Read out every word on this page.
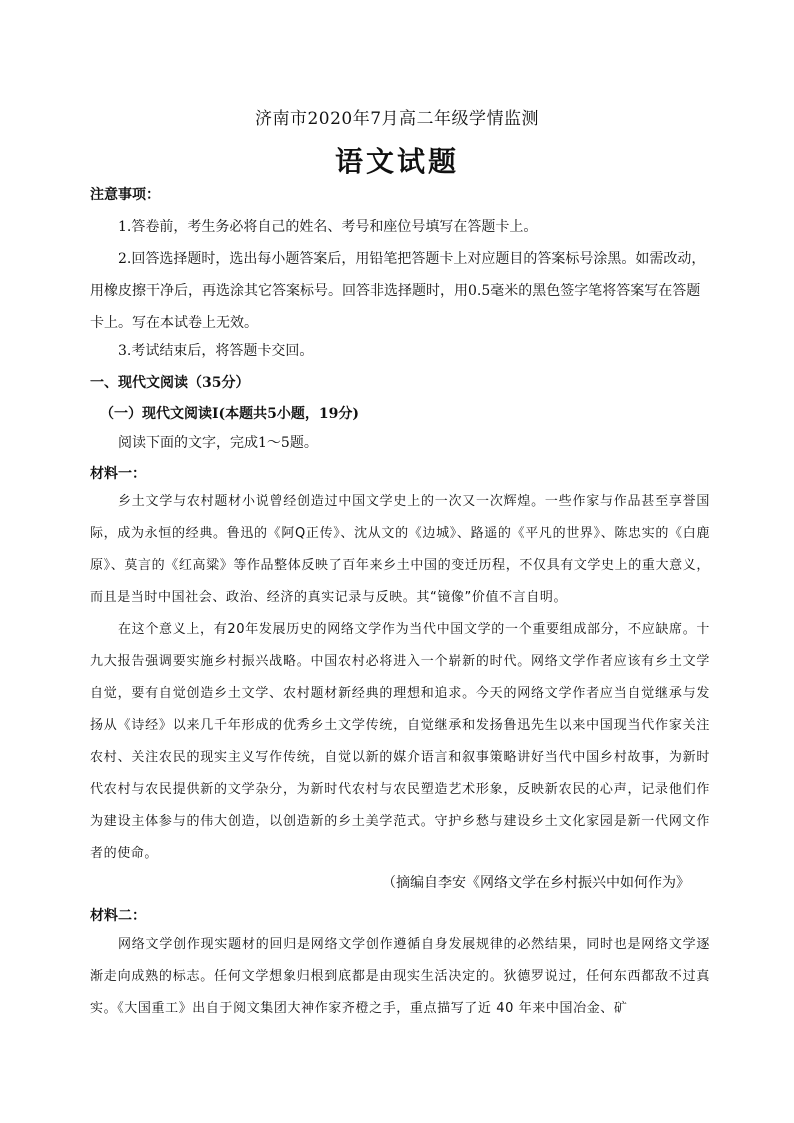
济南市2020年7月高二年级学情监测
语文试题
注意事项：
1.答卷前，考生务必将自己的姓名、考号和座位号填写在答题卡上。
2.回答选择题时，选出每小题答案后，用铅笔把答题卡上对应题目的答案标号涂黑。如需改动，用橡皮擦干净后，再选涂其它答案标号。回答非选择题时，用0.5毫米的黑色签字笔将答案写在答题卡上。写在本试卷上无效。
3.考试结束后，将答题卡交回。
一、现代文阅读（35分）
（一）现代文阅读Ⅰ(本题共5小题，19分)
阅读下面的文字，完成1～5题。
材料一：
乡土文学与农村题材小说曾经创造过中国文学史上的一次又一次辉煌。一些作家与作品甚至享誉国际，成为永恒的经典。鲁迅的《阿Q正传》、沈从文的《边城》、路遥的《平凡的世界》、陈忠实的《白鹿原》、莫言的《红高粱》等作品整体反映了百年来乡土中国的变迁历程，不仅具有文学史上的重大意义，而且是当时中国社会、政治、经济的真实记录与反映。其“镜像”价值不言自明。
在这个意义上，有20年发展历史的网络文学作为当代中国文学的一个重要组成部分，不应缺席。十九大报告强调要实施乡村振兴战略。中国农村必将进入一个崭新的时代。网络文学作者应该有乡土文学自觉，要有自觉创造乡土文学、农村题材新经典的理想和追求。今天的网络文学作者应当自觉继承与发扬从《诗经》以来几千年形成的优秀乡土文学传统，自觉继承和发扬鲁迅先生以来中国现当代作家关注农村、关注农民的现实主义写作传统，自觉以新的媒介语言和叙事策略讲好当代中国乡村故事，为新时代农村与农民提供新的文学杂分，为新时代农村与农民塑造艺术形象，反映新农民的心声，记录他们作为建设主体参与的伟大创造，以创造新的乡土美学范式。守护乡愁与建设乡土文化家园是新一代网文作者的使命。
（摘编自李安《网络文学在乡村振兴中如何作为》
材料二：
网络文学创作现实题材的回归是网络文学创作遵循自身发展规律的必然结果，同时也是网络文学逐渐走向成熟的标志。任何文学想象归根到底都是由现实生活决定的。狄德罗说过，任何东西都敌不过真实。《大国重工》出自于阅文集团大神作家齐橙之手，重点描写了近 40 年来中国冶金、矿
